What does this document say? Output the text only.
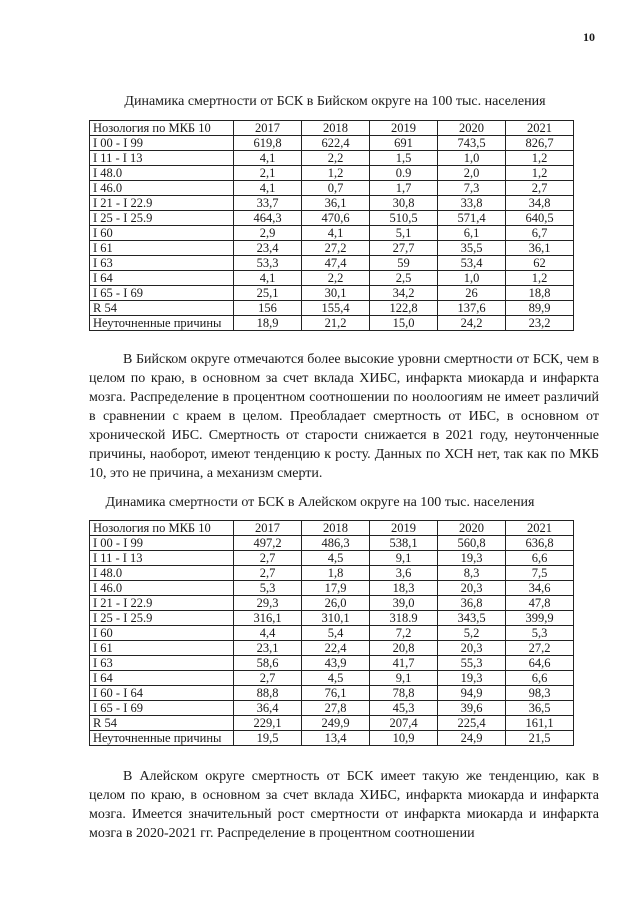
10
Динамика смертности от БСК в Бийском округе на 100 тыс. населения
Нозология по МКБ 10	2017	2018	2019	2020	2021
I 00 - I 99	619,8	622,4	691	743,5	826,7
I 11 - I 13	4,1	2,2	1,5	1,0	1,2
I 48.0	2,1	1,2	0.9	2,0	1,2
I 46.0	4,1	0,7	1,7	7,3	2,7
I 21 - I 22.9	33,7	36,1	30,8	33,8	34,8
I 25 - I 25.9	464,3	470,6	510,5	571,4	640,5
I 60	2,9	4,1	5,1	6,1	6,7
I 61	23,4	27,2	27,7	35,5	36,1
I 63	53,3	47,4	59	53,4	62
I 64	4,1	2,2	2,5	1,0	1,2
I 65 - I 69	25,1	30,1	34,2	26	18,8
R 54	156	155,4	122,8	137,6	89,9
Неуточненные причины	18,9	21,2	15,0	24,2	23,2

В Бийском округе отмечаются более высокие уровни смертности от БСК, чем в целом по краю, в основном за счет вклада ХИБС, инфаркта миокарда и инфаркта мозга. Распределение в процентном соотношении по ноолоогиям не имеет различий в сравнении с краем в целом. Преобладает смертность от ИБС, в основном от хронической ИБС. Смертность от старости снижается в 2021 году, неутонченные причины, наоборот, имеют тенденцию к росту. Данных по ХСН нет, так как по МКБ 10, это не причина, а механизм смерти.

Динамика смертности от БСК в Алейском округе на 100 тыс. населения
Нозология по МКБ 10	2017	2018	2019	2020	2021
I 00 - I 99	497,2	486,3	538,1	560,8	636,8
I 11 - I 13	2,7	4,5	9,1	19,3	6,6
I 48.0	2,7	1,8	3,6	8,3	7,5
I 46.0	5,3	17,9	18,3	20,3	34,6
I 21 - I 22.9	29,3	26,0	39,0	36,8	47,8
I 25 - I 25.9	316,1	310,1	318.9	343,5	399,9
I 60	4,4	5,4	7,2	5,2	5,3
I 61	23,1	22,4	20,8	20,3	27,2
I 63	58,6	43,9	41,7	55,3	64,6
I 64	2,7	4,5	9,1	19,3	6,6
I 60 - I 64	88,8	76,1	78,8	94,9	98,3
I 65 - I 69	36,4	27,8	45,3	39,6	36,5
R 54	229,1	249,9	207,4	225,4	161,1
Неуточненные причины	19,5	13,4	10,9	24,9	21,5

В Алейском округе смертность от БСК имеет такую же тенденцию, как в целом по краю, в основном за счет вклада ХИБС, инфаркта миокарда и инфаркта мозга. Имеется значительный рост смертности от инфаркта миокарда и инфаркта мозга в 2020-2021 гг. Распределение в процентном соотношении
